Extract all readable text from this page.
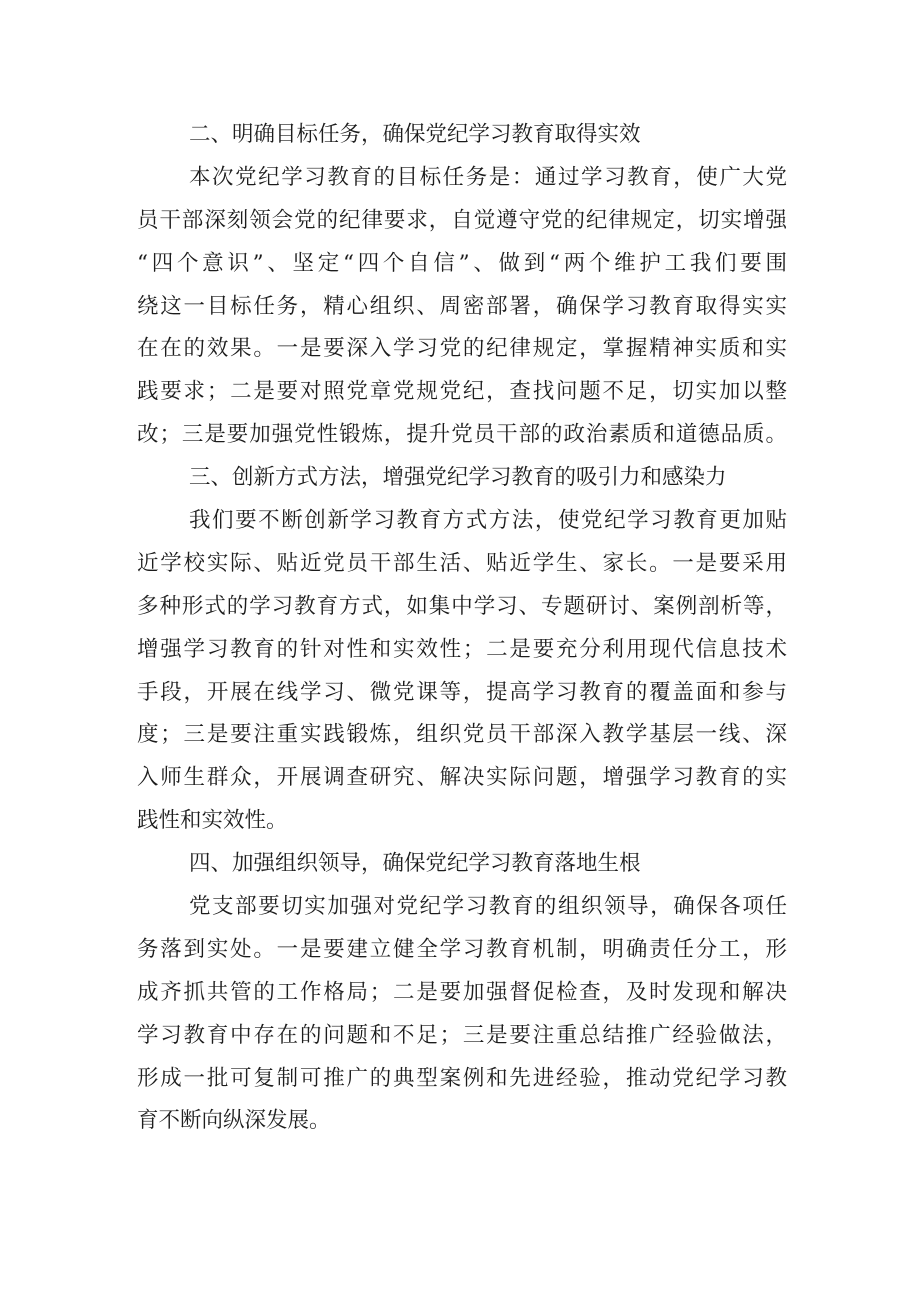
二、明确目标任务，确保党纪学习教育取得实效
本次党纪学习教育的目标任务是：通过学习教育，使广大党
员干部深刻领会党的纪律要求，自觉遵守党的纪律规定，切实增强
“四个意识”、坚定“四个自信”、做到“两个维护工我们要围
绕这一目标任务，精心组织、周密部署，确保学习教育取得实实
在在的效果。一是要深入学习党的纪律规定，掌握精神实质和实
践要求；二是要对照党章党规党纪，查找问题不足，切实加以整
改；三是要加强党性锻炼，提升党员干部的政治素质和道德品质。
三、创新方式方法，增强党纪学习教育的吸引力和感染力
我们要不断创新学习教育方式方法，使党纪学习教育更加贴
近学校实际、贴近党员干部生活、贴近学生、家长。一是要采用
多种形式的学习教育方式，如集中学习、专题研讨、案例剖析等，
增强学习教育的针对性和实效性；二是要充分利用现代信息技术
手段，开展在线学习、微党课等，提高学习教育的覆盖面和参与
度；三是要注重实践锻炼，组织党员干部深入教学基层一线、深
入师生群众，开展调查研究、解决实际问题，增强学习教育的实
践性和实效性。
四、加强组织领导，确保党纪学习教育落地生根
党支部要切实加强对党纪学习教育的组织领导，确保各项任
务落到实处。一是要建立健全学习教育机制，明确责任分工，形
成齐抓共管的工作格局；二是要加强督促检查，及时发现和解决
学习教育中存在的问题和不足；三是要注重总结推广经验做法，
形成一批可复制可推广的典型案例和先进经验，推动党纪学习教
育不断向纵深发展。
